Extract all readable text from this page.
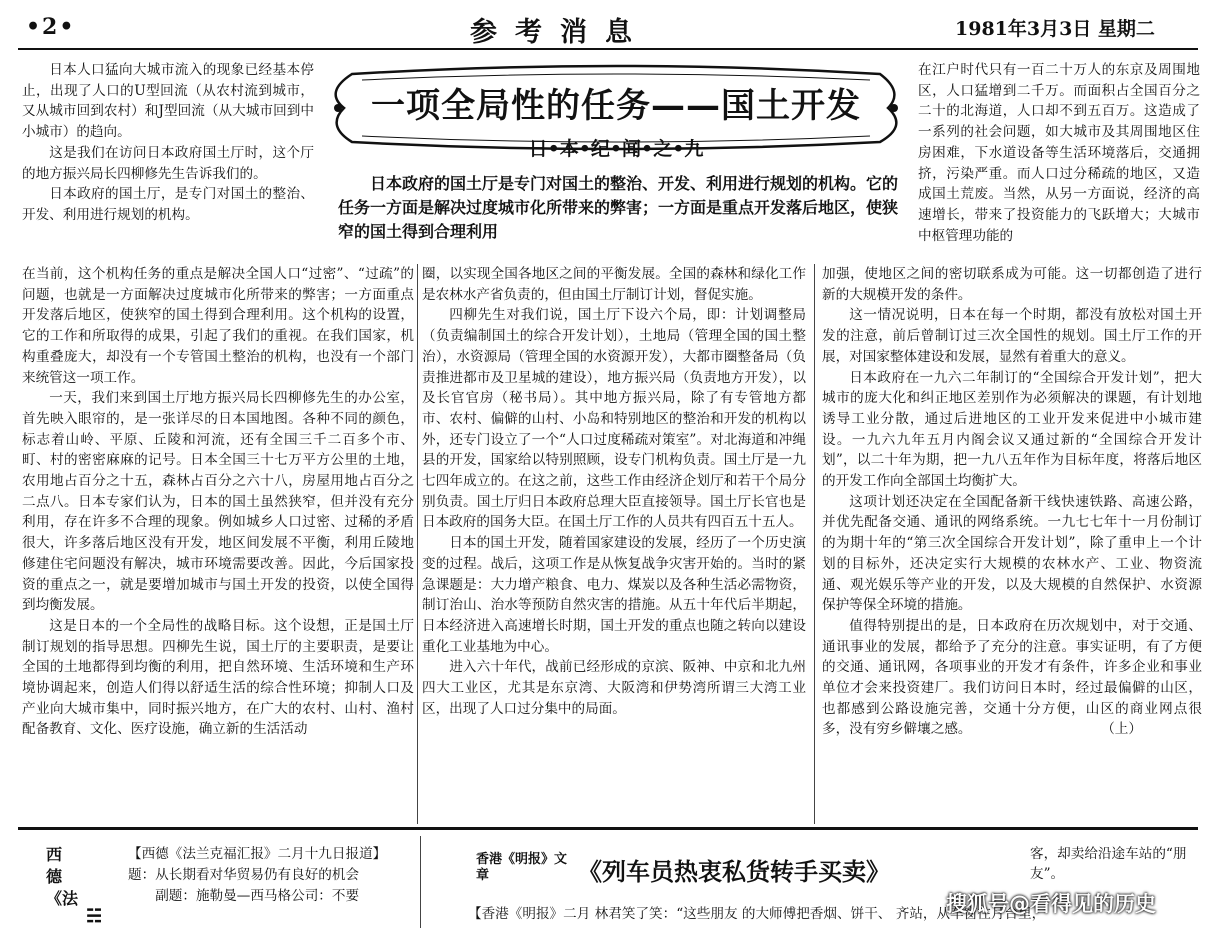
•2•	参考消息	1981年3月3日 星期二
一项全局性的任务——国土开发
日•本•纪•闻•之•九
日本政府的国土厅是专门对国土的整治、开发、利用进行规划的机构。它的任务一方面是解决过度城市化所带来的弊害；一方面是重点开发落后地区，使狭窄的国土得到合理利用

日本人口猛向大城市流入的现象已经基本停止，出现了人口的U型回流（从农村流到城市，又从城市回到农村）和J型回流（从大城市回到中小城市）的趋向。

这是我们在访问日本政府国土厅时，这个厅的地方振兴局长四柳修先生告诉我们的。

日本政府的国土厅，是专门对国土的整治、开发、利用进行规划的机构。

在江户时代只有一百二十万人的东京及周围地区，人口猛增到二千万。而面积占全国百分之二十的北海道，人口却不到五百万。这造成了一系列的社会问题，如大城市及其周围地区住房困难，下水道设备等生活环境落后，交通拥挤，污染严重。而人口过分稀疏的地区，又造成国土荒废。当然，从另一方面说，经济的高速增长，带来了投资能力的飞跃增大；大城市中枢管理功能的

在当前，这个机构任务的重点是解决全国人口“过密”、“过疏”的问题，也就是一方面解决过度城市化所带来的弊害；一方面重点开发落后地区，使狭窄的国土得到合理利用。这个机构的设置，它的工作和所取得的成果，引起了我们的重视。在我们国家，机构重叠庞大，却没有一个专管国土整治的机构，也没有一个部门来统管这一项工作。

一天，我们来到国土厅地方振兴局长四柳修先生的办公室，首先映入眼帘的，是一张详尽的日本国地图。各种不同的颜色，标志着山岭、平原、丘陵和河流，还有全国三千二百多个市、町、村的密密麻麻的记号。日本全国三十七万平方公里的土地，农用地占百分之十五，森林占百分之六十八，房屋用地占百分之二点八。日本专家们认为，日本的国土虽然狭窄，但并没有充分利用，存在许多不合理的现象。例如城乡人口过密、过稀的矛盾很大，许多落后地区没有开发，地区间发展不平衡，利用丘陵地修建住宅问题没有解决，城市环境需要改善。因此，今后国家投资的重点之一，就是要增加城市与国土开发的投资，以使全国得到均衡发展。

这是日本的一个全局性的战略目标。这个设想，正是国土厅制订规划的指导思想。四柳先生说，国土厅的主要职责，是要让全国的土地都得到均衡的利用，把自然环境、生活环境和生产环境协调起来，创造人们得以舒适生活的综合性环境；抑制人口及产业向大城市集中，同时振兴地方，在广大的农村、山村、渔村配备教育、文化、医疗设施，确立新的生活活动

圈，以实现全国各地区之间的平衡发展。全国的森林和绿化工作是农林水产省负责的，但由国土厅制订计划，督促实施。

四柳先生对我们说，国土厅下设六个局，即：计划调整局（负责编制国土的综合开发计划），土地局（管理全国的国土整治），水资源局（管理全国的水资源开发），大都市圈整备局（负责推进都市及卫星城的建设），地方振兴局（负责地方开发），以及长官官房（秘书局）。其中地方振兴局，除了有专管地方都市、农村、偏僻的山村、小岛和特别地区的整治和开发的机构以外，还专门设立了一个“人口过度稀疏对策室”。对北海道和冲绳县的开发，国家给以特别照顾，设专门机构负责。国土厅是一九七四年成立的。在这之前，这些工作由经济企划厅和若干个局分别负责。国土厅归日本政府总理大臣直接领导。国土厅长官也是日本政府的国务大臣。在国土厅工作的人员共有四百五十五人。

日本的国土开发，随着国家建设的发展，经历了一个历史演变的过程。战后，这项工作是从恢复战争灾害开始的。当时的紧急课题是：大力增产粮食、电力、煤炭以及各种生活必需物资，制订治山、治水等预防自然灾害的措施。从五十年代后半期起，日本经济进入高速增长时期，国土开发的重点也随之转向以建设重化工业基地为中心。

进入六十年代，战前已经形成的京滨、阪神、中京和北九州四大工业区，尤其是东京湾、大阪湾和伊势湾所谓三大湾工业区，出现了人口过分集中的局面。

加强，使地区之间的密切联系成为可能。这一切都创造了进行新的大规模开发的条件。

这一情况说明，日本在每一个时期，都没有放松对国土开发的注意，前后曾制订过三次全国性的规划。国土厅工作的开展，对国家整体建设和发展，显然有着重大的意义。

日本政府在一九六二年制订的“全国综合开发计划”，把大城市的庞大化和纠正地区差别作为必须解决的课题，有计划地诱导工业分散，通过后进地区的工业开发来促进中小城市建设。一九六九年五月内阁会议又通过新的“全国综合开发计划”，以二十年为期，把一九八五年作为目标年度，将落后地区的开发工作向全部国土均衡扩大。

这项计划还决定在全国配备新干线快速铁路、高速公路，并优先配备交通、通讯的网络系统。一九七七年十一月份制订的为期十年的“第三次全国综合开发计划”，除了重申上一个计划的目标外，还决定实行大规模的农林水产、工业、物资流通、观光娱乐等产业的开发，以及大规模的自然保护、水资源保护等保全环境的措施。

值得特别提出的是，日本政府在历次规划中，对于交通、通讯事业的发展，都给予了充分的注意。事实证明，有了方便的交通、通讯网，各项事业的开发才有条件，许多企业和事业单位才会来投资建厂。我们访问日本时，经过最偏僻的山区，也都感到公路设施完善，交通十分方便，山区的商业网点很多，没有穷乡僻壤之感。	（上）

西德《法
☵

【西德《法兰克福汇报》二月十九日报道】题：从长期看对华贸易仍有良好的机会

副题：施勒曼—西马格公司：不要

香港《明报》文章	《列车员热衷私货转手买卖》
【香港《明报》二月 林君笑了笑：“这些朋友 的大师傅把香烟、饼干、 齐站，从车窗往月台里，

客，却卖给沿途车站的“朋友”。

搜狐号@看得见的历史
